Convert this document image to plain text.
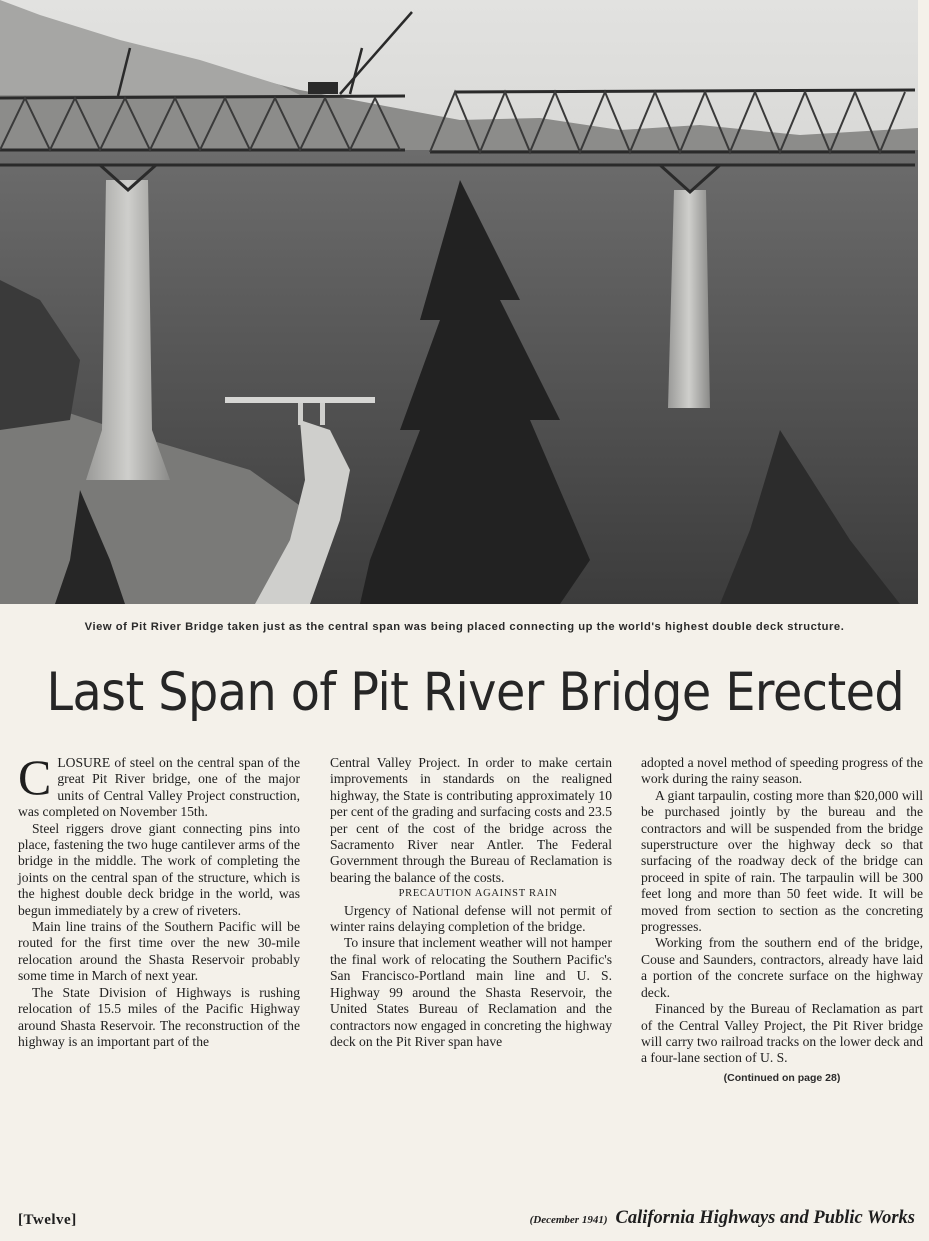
View of Pit River Bridge taken just as the central span was being placed connecting up the world's highest double deck structure.
Last Span of Pit River Bridge Erected

CLOSURE of steel on the central span of the great Pit River bridge, one of the major units of Central Valley Project construction, was completed on November 15th.

Steel riggers drove giant connecting pins into place, fastening the two huge cantilever arms of the bridge in the middle. The work of completing the joints on the central span of the structure, which is the highest double deck bridge in the world, was begun immediately by a crew of riveters.

Main line trains of the Southern Pacific will be routed for the first time over the new 30-mile relocation around the Shasta Reservoir probably some time in March of next year.

The State Division of Highways is rushing relocation of 15.5 miles of the Pacific Highway around Shasta Reservoir. The reconstruction of the highway is an important part of the

Central Valley Project. In order to make certain improvements in standards on the realigned highway, the State is contributing approximately 10 per cent of the grading and surfacing costs and 23.5 per cent of the cost of the bridge across the Sacramento River near Antler. The Federal Government through the Bureau of Reclamation is bearing the balance of the costs.

PRECAUTION AGAINST RAIN

Urgency of National defense will not permit of winter rains delaying completion of the bridge.

To insure that inclement weather will not hamper the final work of relocating the Southern Pacific's San Francisco-Portland main line and U. S. Highway 99 around the Shasta Reservoir, the United States Bureau of Reclamation and the contractors now engaged in concreting the highway deck on the Pit River span have

adopted a novel method of speeding progress of the work during the rainy season.

A giant tarpaulin, costing more than $20,000 will be purchased jointly by the bureau and the contractors and will be suspended from the bridge superstructure over the highway deck so that surfacing of the roadway deck of the bridge can proceed in spite of rain. The tarpaulin will be 300 feet long and more than 50 feet wide. It will be moved from section to section as the concreting progresses.

Working from the southern end of the bridge, Couse and Saunders, contractors, already have laid a portion of the concrete surface on the highway deck.

Financed by the Bureau of Reclamation as part of the Central Valley Project, the Pit River bridge will carry two railroad tracks on the lower deck and a four-lane section of U. S.

(Continued on page 28)
[Twelve]	(December 1941) California Highways and Public Works
